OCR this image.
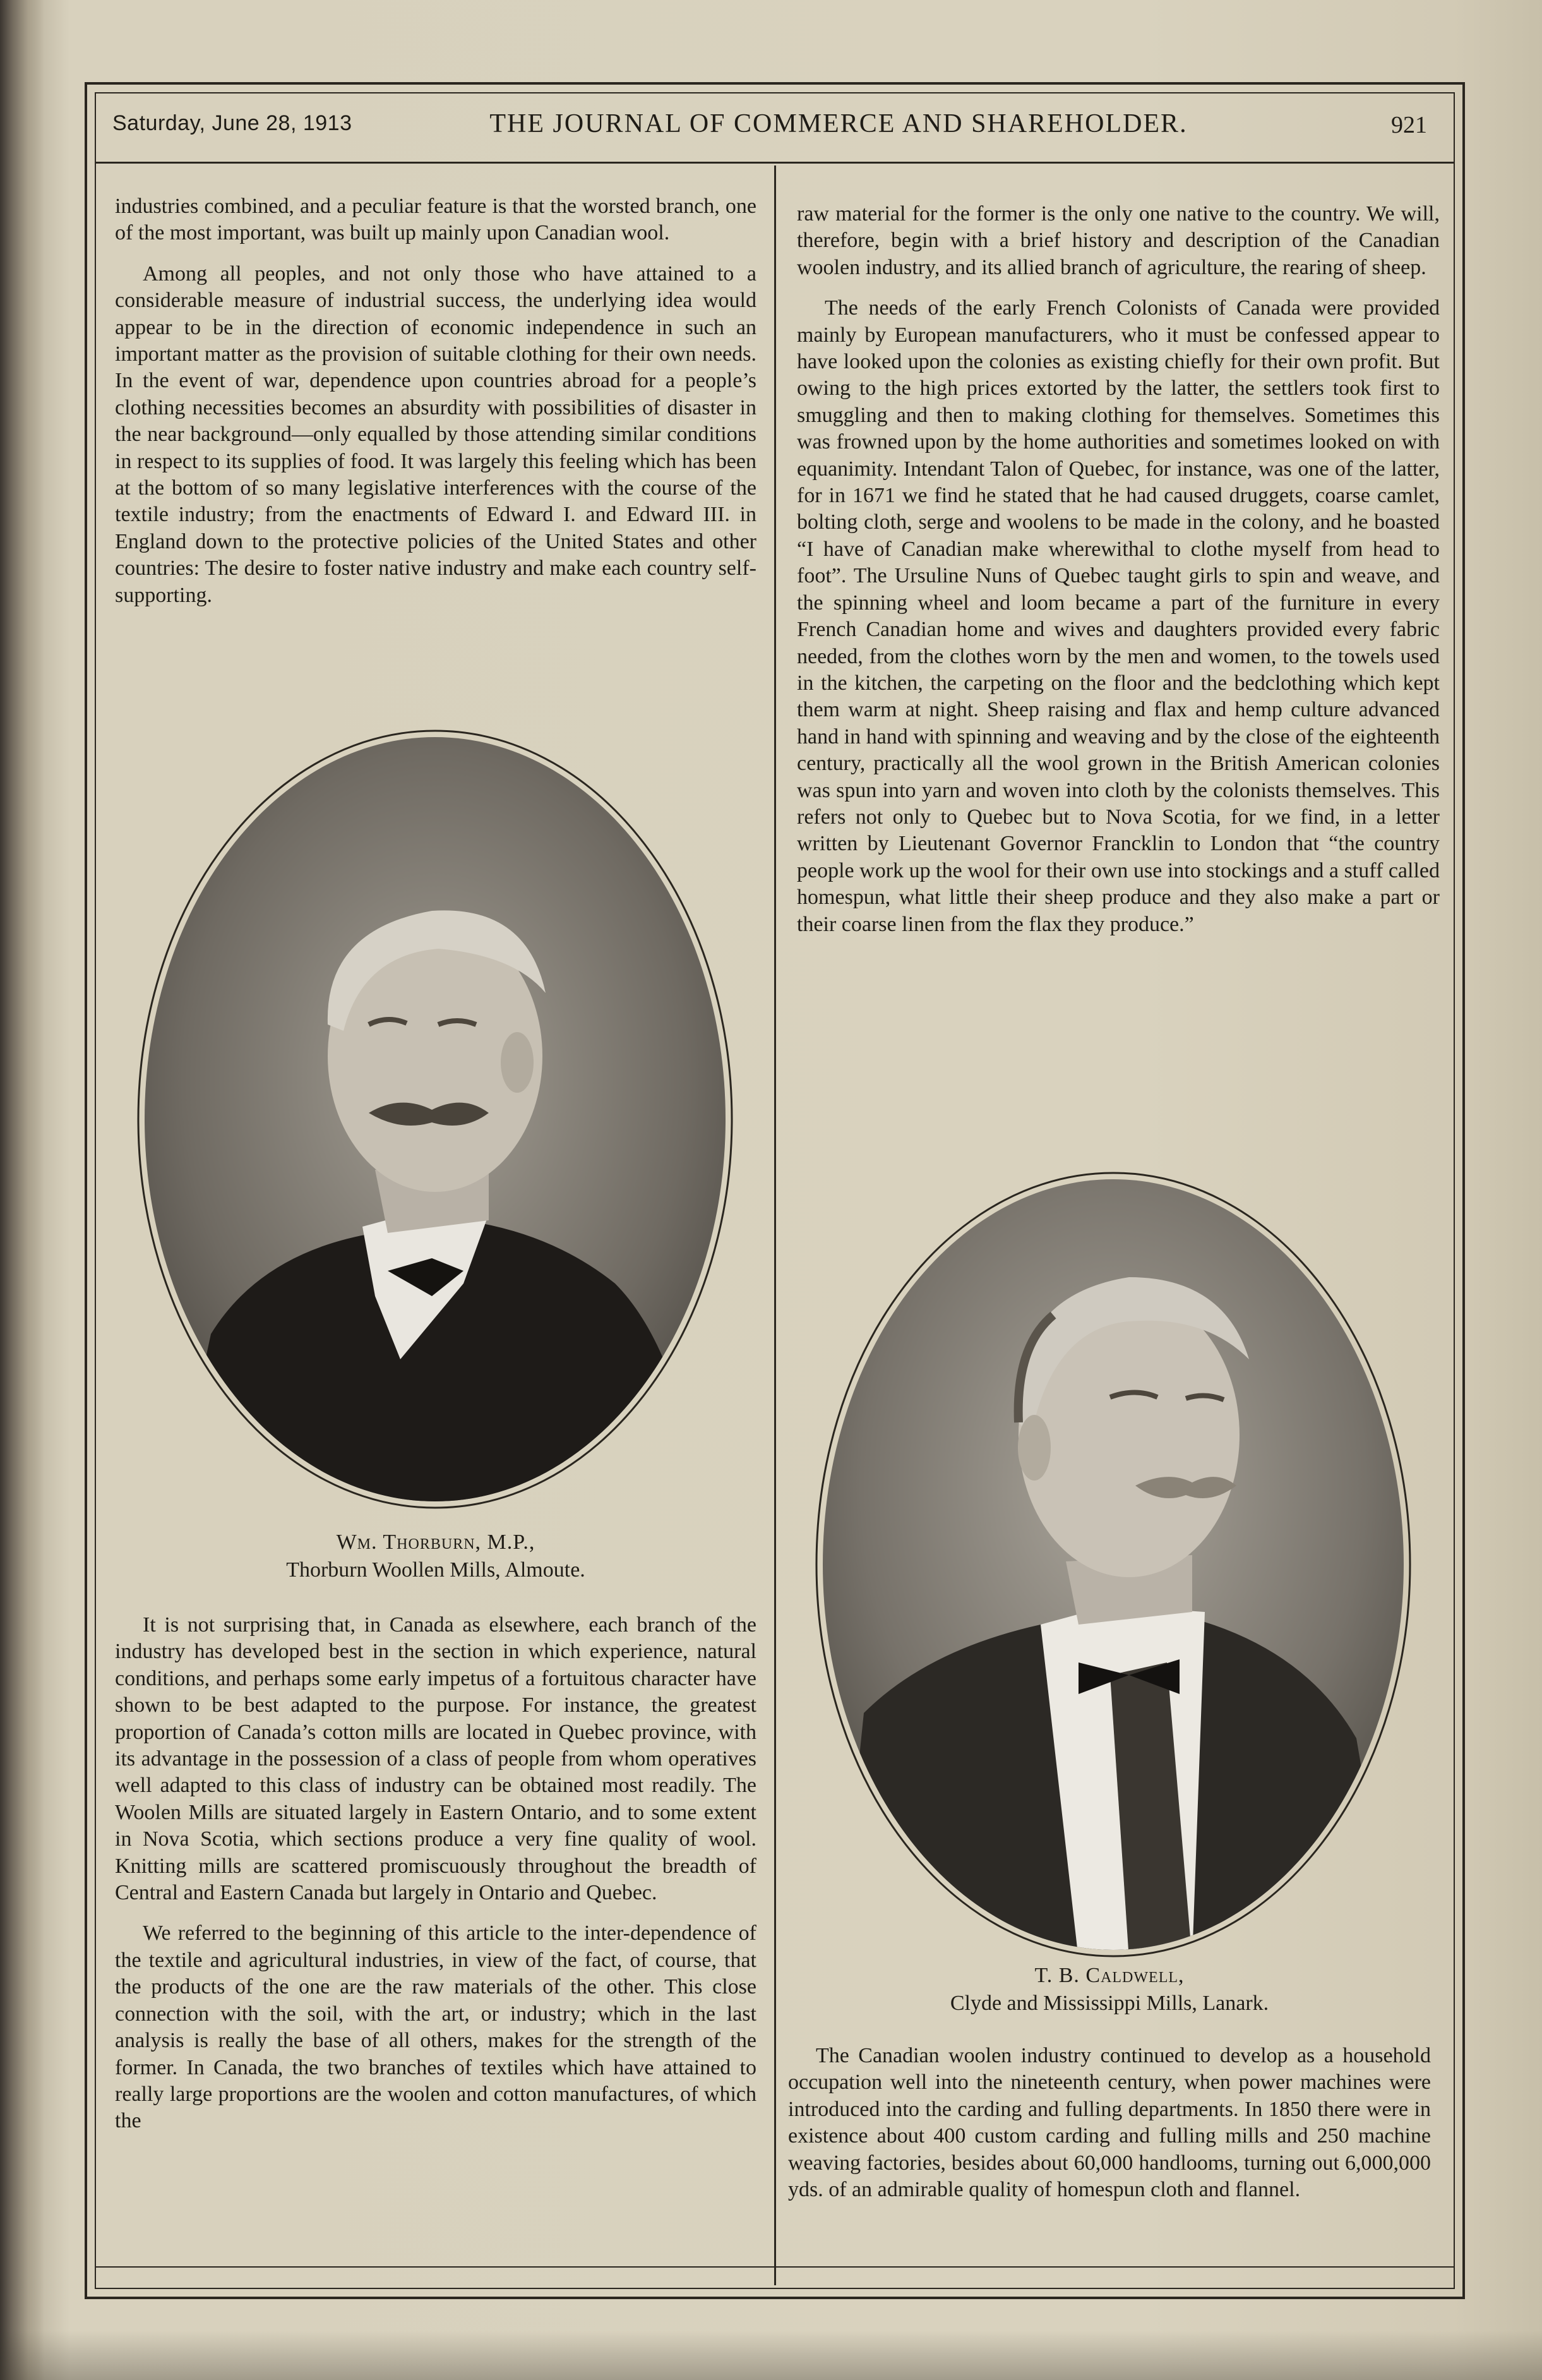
Saturday, June 28, 1913	THE JOURNAL OF COMMERCE AND SHAREHOLDER.	921

industries combined, and a peculiar feature is that the worsted branch, one of the most important, was built up mainly upon Canadian wool.

Among all peoples, and not only those who have attained to a considerable measure of industrial success, the underlying idea would appear to be in the direction of economic independence in such an important matter as the provision of suitable clothing for their own needs. In the event of war, dependence upon countries abroad for a people’s clothing necessities becomes an absurdity with possibilities of disaster in the near background—only equalled by those attending similar conditions in respect to its supplies of food. It was largely this feeling which has been at the bottom of so many legislative interferences with the course of the textile industry; from the enactments of Edward I. and Edward III. in England down to the protective policies of the United States and other countries: The desire to foster native industry and make each country self-supporting.

Wm. Thorburn, M.P.,
Thorburn Woollen Mills, Almoute.

It is not surprising that, in Canada as elsewhere, each branch of the industry has developed best in the section in which experience, natural conditions, and perhaps some early impetus of a fortuitous character have shown to be best adapted to the purpose. For instance, the greatest proportion of Canada’s cotton mills are located in Quebec province, with its advantage in the possession of a class of people from whom operatives well adapted to this class of industry can be obtained most readily. The Woolen Mills are situated largely in Eastern Ontario, and to some extent in Nova Scotia, which sections produce a very fine quality of wool. Knitting mills are scattered promiscuously throughout the breadth of Central and Eastern Canada but largely in Ontario and Quebec.

We referred to the beginning of this article to the inter-dependence of the textile and agricultural industries, in view of the fact, of course, that the products of the one are the raw materials of the other. This close connection with the soil, with the art, or industry; which in the last analysis is really the base of all others, makes for the strength of the former. In Canada, the two branches of textiles which have attained to really large proportions are the woolen and cotton manufactures, of which the

raw material for the former is the only one native to the country. We will, therefore, begin with a brief history and description of the Canadian woolen industry, and its allied branch of agriculture, the rearing of sheep.

The needs of the early French Colonists of Canada were provided mainly by European manufacturers, who it must be confessed appear to have looked upon the colonies as existing chiefly for their own profit. But owing to the high prices extorted by the latter, the settlers took first to smuggling and then to making clothing for themselves. Sometimes this was frowned upon by the home authorities and sometimes looked on with equanimity. Intendant Talon of Quebec, for instance, was one of the latter, for in 1671 we find he stated that he had caused druggets, coarse camlet, bolting cloth, serge and woolens to be made in the colony, and he boasted “I have of Canadian make wherewithal to clothe myself from head to foot”. The Ursuline Nuns of Quebec taught girls to spin and weave, and the spinning wheel and loom became a part of the furniture in every French Canadian home and wives and daughters provided every fabric needed, from the clothes worn by the men and women, to the towels used in the kitchen, the carpeting on the floor and the bedclothing which kept them warm at night. Sheep raising and flax and hemp culture advanced hand in hand with spinning and weaving and by the close of the eighteenth century, practically all the wool grown in the British American colonies was spun into yarn and woven into cloth by the colonists themselves. This refers not only to Quebec but to Nova Scotia, for we find, in a letter written by Lieutenant Governor Francklin to London that “the country people work up the wool for their own use into stockings and a stuff called homespun, what little their sheep produce and they also make a part or their coarse linen from the flax they produce.”

T. B. Caldwell,
Clyde and Mississippi Mills, Lanark.

The Canadian woolen industry continued to develop as a household occupation well into the nineteenth century, when power machines were introduced into the carding and fulling departments. In 1850 there were in existence about 400 custom carding and fulling mills and 250 machine weaving factories, besides about 60,000 handlooms, turning out 6,000,000 yds. of an admirable quality of homespun cloth and flannel.
